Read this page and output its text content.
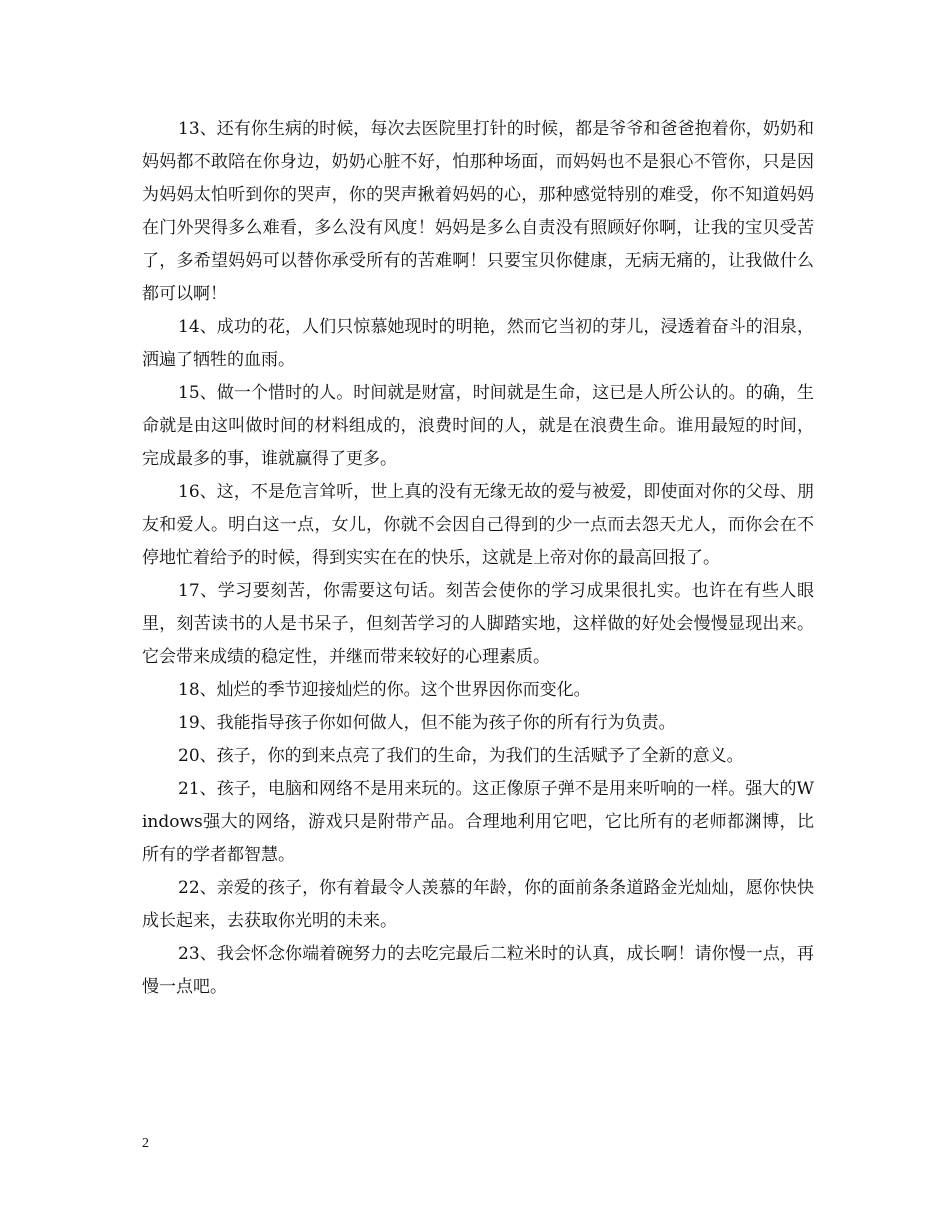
13、还有你生病的时候，每次去医院里打针的时候，都是爷爷和爸爸抱着你，奶奶和妈妈都不敢陪在你身边，奶奶心脏不好，怕那种场面，而妈妈也不是狠心不管你，只是因为妈妈太怕听到你的哭声，你的哭声揪着妈妈的心，那种感觉特别的难受，你不知道妈妈在门外哭得多么难看，多么没有风度！妈妈是多么自责没有照顾好你啊，让我的宝贝受苦了，多希望妈妈可以替你承受所有的苦难啊！只要宝贝你健康，无病无痛的，让我做什么都可以啊！

14、成功的花，人们只惊慕她现时的明艳，然而它当初的芽儿，浸透着奋斗的泪泉，洒遍了牺牲的血雨。

15、做一个惜时的人。时间就是财富，时间就是生命，这已是人所公认的。的确，生命就是由这叫做时间的材料组成的，浪费时间的人，就是在浪费生命。谁用最短的时间，完成最多的事，谁就赢得了更多。

16、这，不是危言耸听，世上真的没有无缘无故的爱与被爱，即使面对你的父母、朋友和爱人。明白这一点，女儿，你就不会因自己得到的少一点而去怨天尤人，而你会在不停地忙着给予的时候，得到实实在在的快乐，这就是上帝对你的最高回报了。

17、学习要刻苦，你需要这句话。刻苦会使你的学习成果很扎实。也许在有些人眼里，刻苦读书的人是书呆子，但刻苦学习的人脚踏实地，这样做的好处会慢慢显现出来。它会带来成绩的稳定性，并继而带来较好的心理素质。

18、灿烂的季节迎接灿烂的你。这个世界因你而变化。

19、我能指导孩子你如何做人，但不能为孩子你的所有行为负责。

20、孩子，你的到来点亮了我们的生命，为我们的生活赋予了全新的意义。

21、孩子，电脑和网络不是用来玩的。这正像原子弹不是用来听响的一样。强大的Windows强大的网络，游戏只是附带产品。合理地利用它吧，它比所有的老师都渊博，比所有的学者都智慧。

22、亲爱的孩子，你有着最令人羡慕的年龄，你的面前条条道路金光灿灿，愿你快快成长起来，去获取你光明的未来。

23、我会怀念你端着碗努力的去吃完最后二粒米时的认真，成长啊！请你慢一点，再慢一点吧。

2
